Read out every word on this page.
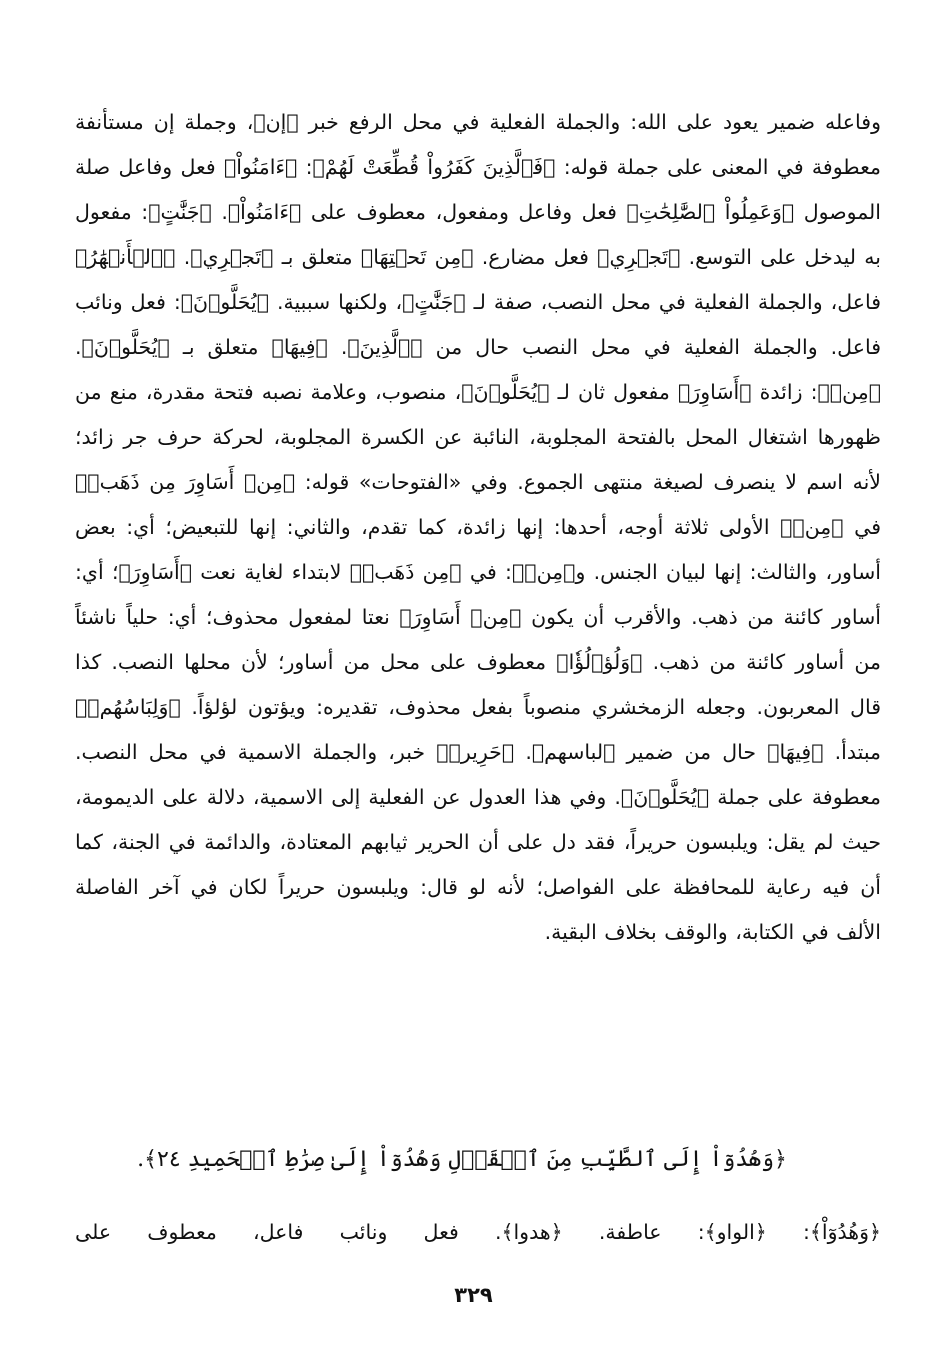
وفاعله ضمير يعود على الله: والجملة الفعلية في محل الرفع خبر ﴿إن﴾، وجملة إن مستأنفة معطوفة في المعنى على جملة قوله: ﴿فَٱلَّذِينَ كَفَرُواْ قُطِّعَتْ لَهُمْ﴾: ﴿ءَامَنُواْ﴾ فعل وفاعل صلة الموصول ﴿وَعَمِلُواْ ٱلصَّٰلِحَٰتِ﴾ فعل وفاعل ومفعول، معطوف على ﴿ءَامَنُواْ﴾. ﴿جَنَّٰتٍ﴾: مفعول به ليدخل على التوسع. ﴿تَجۡرِي﴾ فعل مضارع. ﴿مِن تَحۡتِهَا﴾ متعلق بـ ﴿تَجۡرِي﴾. ﴿ٱلۡأَنۡهَٰرُ﴾ فاعل، والجملة الفعلية في محل النصب، صفة لـ ﴿جَنَّٰتٍ﴾، ولكنها سببية. ﴿يُحَلَّوۡنَ﴾: فعل ونائب فاعل. والجملة الفعلية في محل النصب حال من ﴿ٱلَّذِينَ﴾. ﴿فِيهَا﴾ متعلق بـ ﴿يُحَلَّوۡنَ﴾. ﴿مِنۡ﴾: زائدة ﴿أَسَاوِرَ﴾ مفعول ثان لـ ﴿يُحَلَّوۡنَ﴾، منصوب، وعلامة نصبه فتحة مقدرة، منع من ظهورها اشتغال المحل بالفتحة المجلوبة، النائبة عن الكسرة المجلوبة، لحركة حرف جر زائد؛ لأنه اسم لا ينصرف لصيغة منتهى الجموع. وفي «الفتوحات» قوله: ﴿مِنۡ أَسَاوِرَ مِن ذَهَبٖ﴾ في ﴿مِنۡ﴾ الأولى ثلاثة أوجه، أحدها: إنها زائدة، كما تقدم، والثاني: إنها للتبعيض؛ أي: بعض أساور، والثالث: إنها لبيان الجنس. و﴿مِنۡ﴾: في ﴿مِن ذَهَبٖ﴾ لابتداء لغاية نعت ﴿أَسَاوِرَ﴾؛ أي: أساور كائنة من ذهب. والأقرب أن يكون ﴿مِنۡ أَسَاوِرَ﴾ نعتا لمفعول محذوف؛ أي: حلياً ناشئاً من أساور كائنة من ذهب. ﴿وَلُؤۡلُؤٗا﴾ معطوف على محل من أساور؛ لأن محلها النصب. كذا قال المعربون. وجعله الزمخشري منصوباً بفعل محذوف، تقديره: ويؤتون لؤلؤاً. ﴿وَلِبَاسُهُمۡ﴾ مبتدأ. ﴿فِيهَا﴾ حال من ضمير ﴿لباسهم﴾. ﴿حَرِيرٞ﴾ خبر، والجملة الاسمية في محل النصب. معطوفة على جملة ﴿يُحَلَّوۡنَ﴾. وفي هذا العدول عن الفعلية إلى الاسمية، دلالة على الديمومة، حيث لم يقل: ويلبسون حريراً، فقد دل على أن الحرير ثيابهم المعتادة، والدائمة في الجنة، كما أن فيه رعاية للمحافظة على الفواصل؛ لأنه لو قال: ويلبسون حريراً لكان في آخر الفاصلة الألف في الكتابة، والوقف بخلاف البقية.

﴿وَهُدُوٓاْ إِلَى ٱلطَّيِّبِ مِنَ ٱلۡقَوۡلِ وَهُدُوٓاْ إِلَىٰ صِرَٰطِ ٱلۡحَمِيدِ ٢٤﴾.
﴿وَهُدُوٓاْ﴾: ﴿الواو﴾: عاطفة. ﴿هدوا﴾. فعل ونائب فاعل، معطوف على
٣٢٩
